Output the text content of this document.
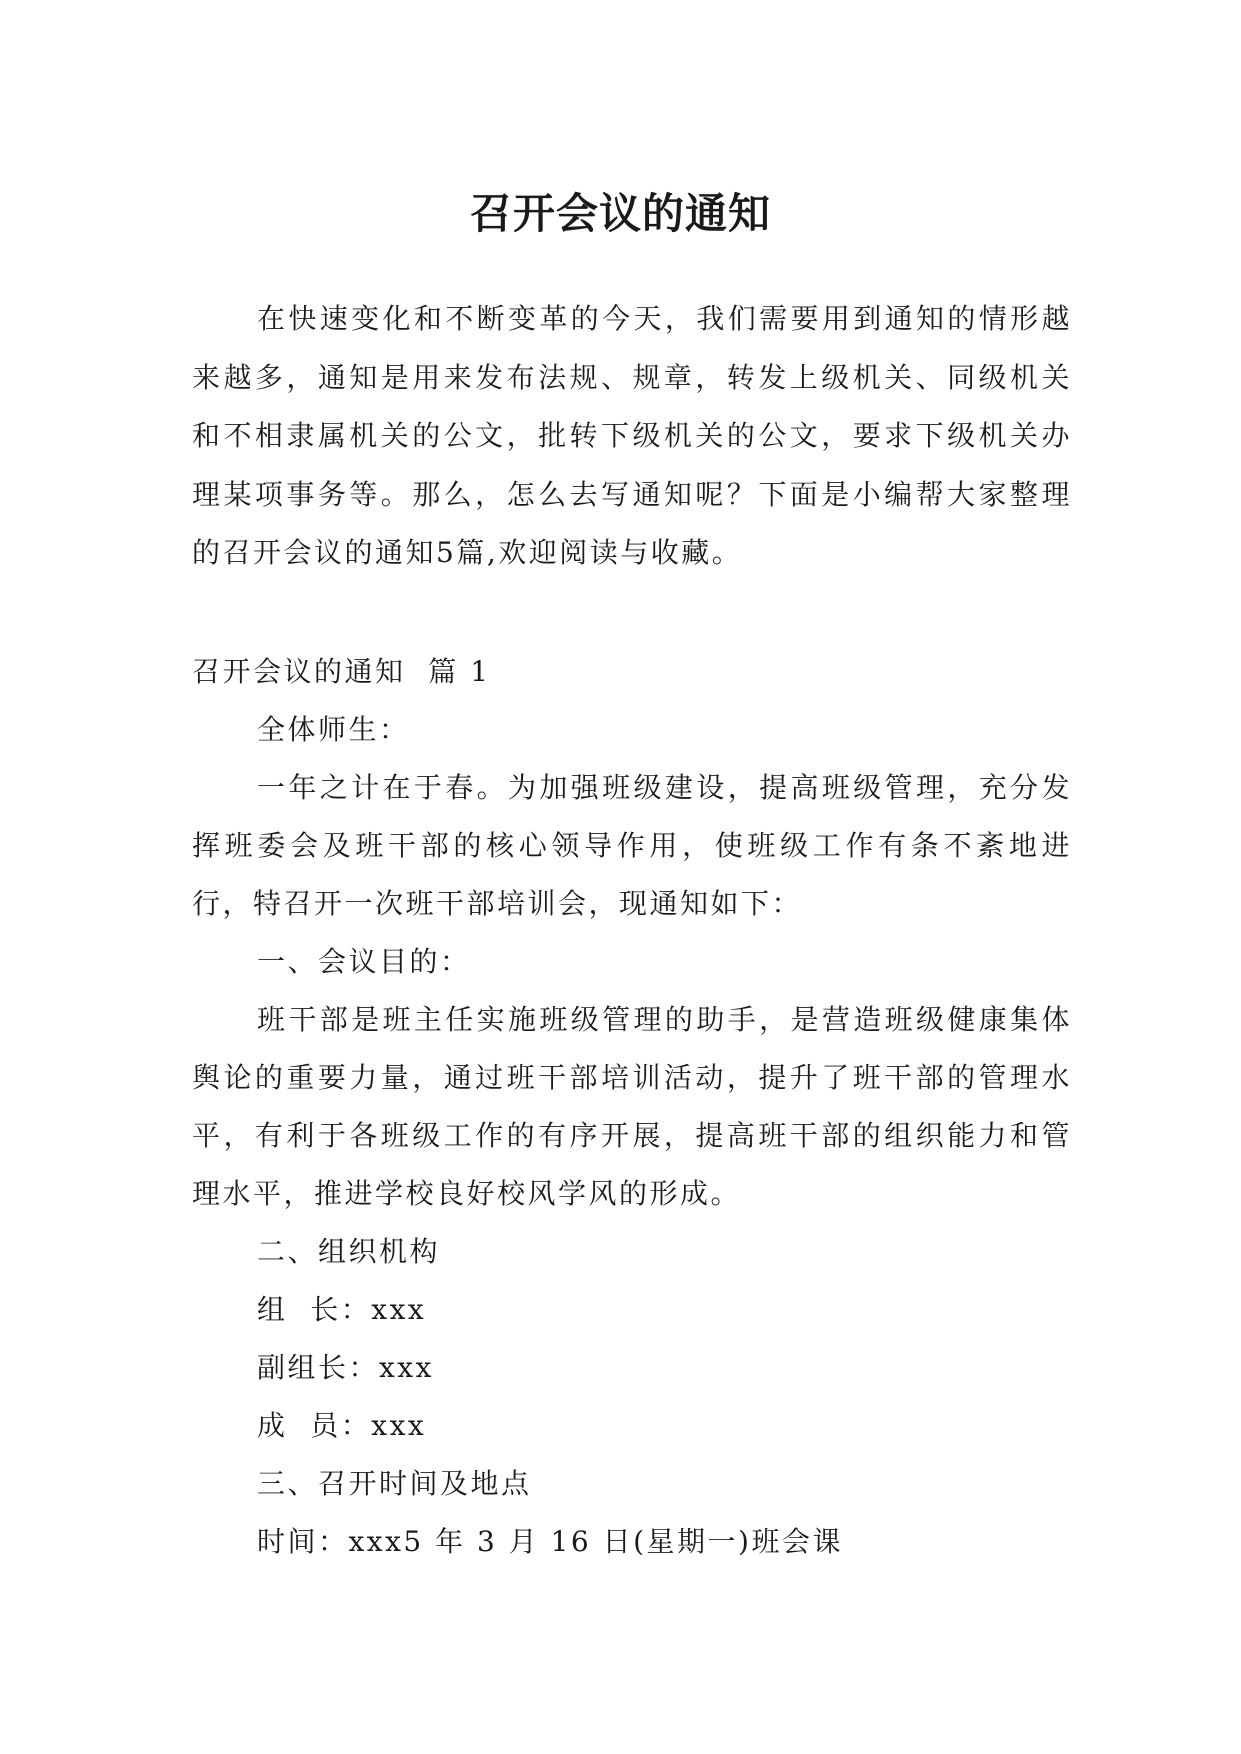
召开会议的通知

在快速变化和不断变革的今天，我们需要用到通知的情形越来越多，通知是用来发布法规、规章，转发上级机关、同级机关和不相隶属机关的公文，批转下级机关的公文，要求下级机关办理某项事务等。那么，怎么去写通知呢？下面是小编帮大家整理的召开会议的通知5篇,欢迎阅读与收藏。

召开会议的通知  篇 1

全体师生：

一年之计在于春。为加强班级建设，提高班级管理，充分发挥班委会及班干部的核心领导作用，使班级工作有条不紊地进行，特召开一次班干部培训会，现通知如下：

一、会议目的：

班干部是班主任实施班级管理的助手，是营造班级健康集体舆论的重要力量，通过班干部培训活动，提升了班干部的管理水平，有利于各班级工作的有序开展，提高班干部的组织能力和管理水平，推进学校良好校风学风的形成。

二、组织机构

组  长：xxx

副组长：xxx

成  员：xxx

三、召开时间及地点

时间：xxx5 年 3 月 16 日(星期一)班会课
